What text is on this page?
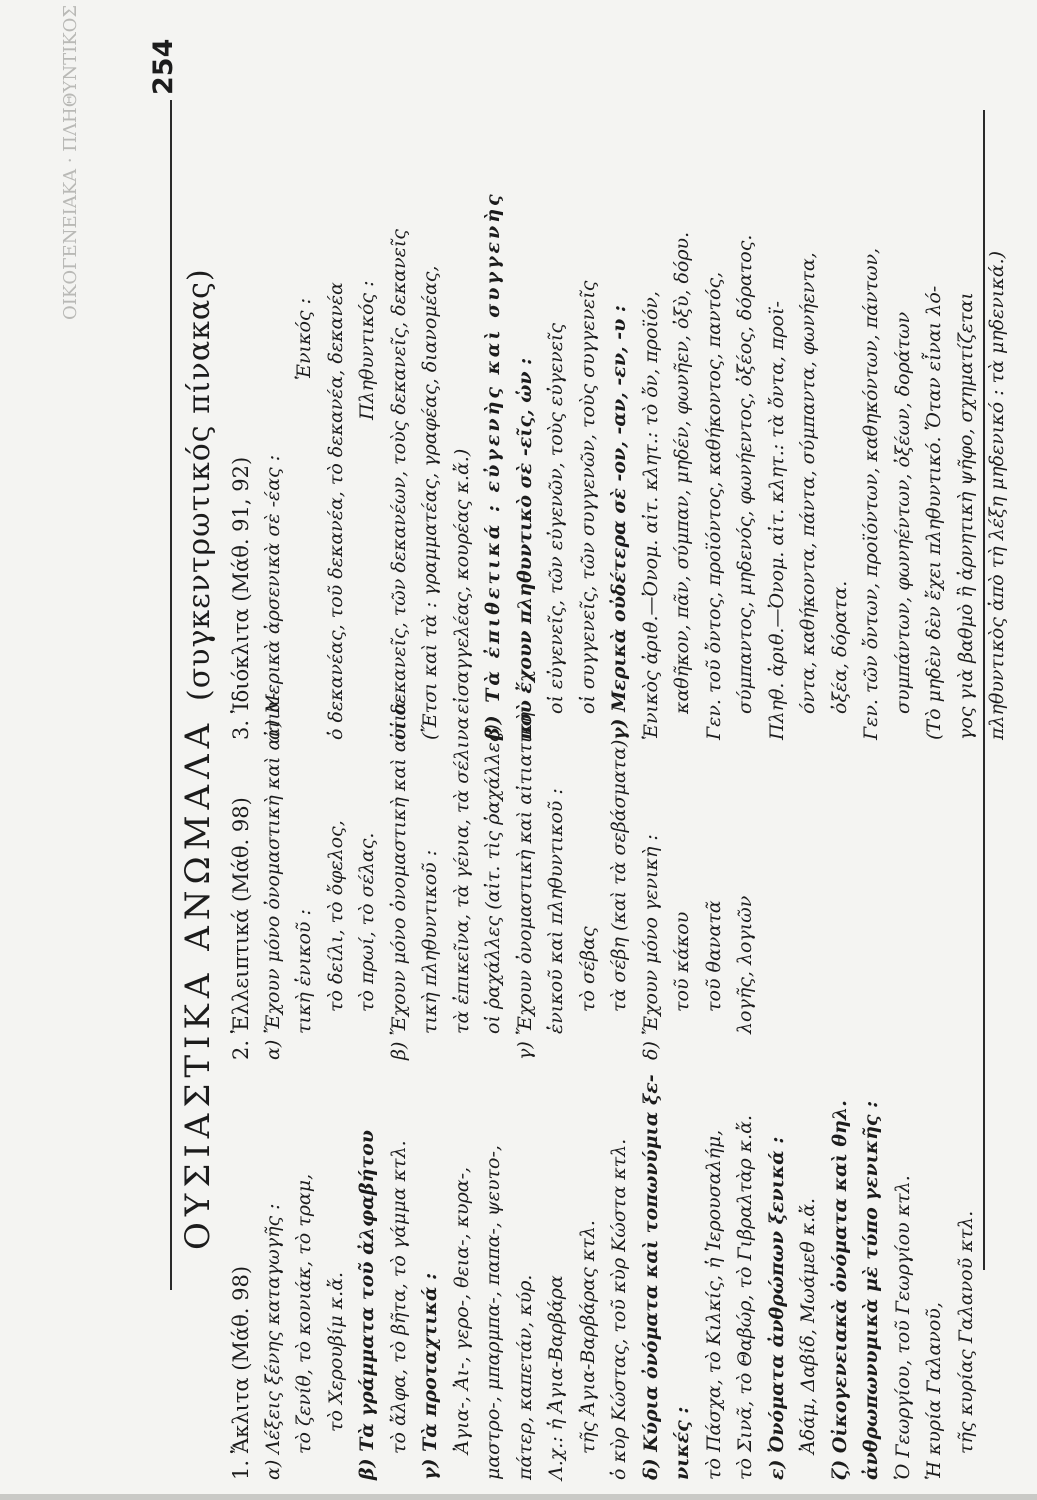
ΟΙΚΟΓΕΝΕΙΑΚΑ · ΠΛΗΘΥΝΤΙΚΟΣ 254
ΟΥΣΙΑΣΤΙΚΑ ΑΝΩΜΑΛΑ (συγκεντρωτικός πίνακας)

1. Ἄκλιτα (Μάθ. 98) α) Λέξεις ξένης καταγωγῆς : τὸ ζενίθ, τὸ κονιάκ, τὸ τραμ, τὸ Χερουβίμ κ.ἄ. β) Τὰ γράμματα τοῦ ἀλφαβήτου τὸ ἄλφα, τὸ βῆτα, τὸ γάμμα κτλ. γ) Τὰ προταχτικά : Ἀγια-, Ἀι-, γερο-, θεια-, κυρα-, μαστρο-, μπαρμπα-, παπα-, ψευτο-, πάτερ, καπετάν, κύρ. Λ.χ.: ἡ Ἀγια-Βαρβάρα τῆς Ἀγια-Βαρβάρας κτλ. ὁ κὺρ Κώστας, τοῦ κὺρ Κώστα κτλ. δ) Κύρια ὀνόματα καὶ τοπωνύμια ξε- νικές : τὸ Πάσχα, τὸ Κιλκίς, ἡ Ἱερουσαλήμ, τὸ Σινᾶ, τὸ Θαβώρ, τὸ Γιβραλτὰρ κ.ἄ. ε) Ὀνόματα ἀνθρώπων ξενικά : Ἀδάμ, Δαβίδ, Μωάμεθ κ.ἄ. ζ) Οἰκογενειακὰ ὀνόματα καὶ θηλ. ἀνθρωπωνυμικὰ μὲ τύπο γενικῆς : Ὁ Γεωργίου, τοῦ Γεωργίου κτλ. Ἡ κυρία Γαλανοῦ, τῆς κυρίας Γαλανοῦ κτλ.

2. Ἐλλειπτικά (Μάθ. 98) α) Ἔχουν μόνο ὀνομαστικὴ καὶ αἰτια- τικὴ ἑνικοῦ : τὸ δείλι, τὸ ὄφελος, τὸ πρωί, τὸ σέλας. β) Ἔχουν μόνο ὀνομαστικὴ καὶ αἰτια- τικὴ πληθυντικοῦ : τὰ ἐπικεῖνα, τὰ γένια, τὰ σέλινα οἱ ῥαχάλλες (αἰτ. τὶς ῥαχάλλες). γ) Ἔχουν ὀνομαστικὴ καὶ αἰτιατικὴ ἑνικοῦ καὶ πληθυντικοῦ : τὸ σέβας τὰ σέβη (καὶ τὰ σεβάσματα) δ) Ἔχουν μόνο γενικὴ : τοῦ κάκου τοῦ θανατᾶ λογῆς, λογιῶν

3. Ἰδιόκλιτα (Μάθ. 91, 92) α) Μερικὰ ἀρσενικὰ σὲ -έας :

Ἑνικός : ὁ δεκανέας, τοῦ δεκανέα, τὸ δεκανέα, δεκανέα Πληθυντικός : οἱ δεκανεῖς, τῶν δεκανέων, τοὺς δεκανεῖς, δεκανεῖς (Ἔτσι καὶ τὰ : γραμματέας, γραφέας, διανομέας, εἰσαγγελέας, κουρέας κ.ἄ.) β) Τὰ ἐπιθετικά : εὐγενὴς καὶ συγγενὴς ποὺ ἔχουν πληθυντικὸ σὲ -εῖς, ὡν : οἱ εὐγενεῖς, τῶν εὐγενῶν, τοὺς εὐγενεῖς οἱ συγγενεῖς, τῶν συγγενῶν, τοὺς συγγενεῖς γ) Μερικὰ οὐδέτερα σὲ -ον, -αν, -εν, -υ : Ἑνικὸς ἀριθ.—Ὀνομ. αἰτ. κλητ.: τὸ ὄν, προϊόν, καθῆκον, πᾶν, σύμπαν, μηδέν, φωνῆεν, ὀξὺ, δόρυ. Γεν. τοῦ ὄντος, προϊόντος, καθήκοντος, παντός, σύμπαντος, μηδενός, φωνήεντος, ὀξέος, δόρατος. Πληθ. ἀριθ.—Ὀνομ. αἰτ. κλητ.: τὰ ὄντα, προϊ- όντα, καθήκοντα, πάντα, σύμπαντα, φωνήεντα, ὀξέα, δόρατα. Γεν. τῶν ὄντων, προϊόντων, καθηκόντων, πάντων, συμπάντων, φωνηέντων, ὀξέων, δοράτων (Τὸ μηδὲν δὲν ἔχει πληθυντικό. Ὅταν εἶναι λό- γος γιὰ βαθμὸ ἢ ἀρνητικὴ ψῆφο, σχηματίζεται πληθυντικὸς ἀπὸ τὴ λέξη μηδενικό : τὰ μηδενικά.)
